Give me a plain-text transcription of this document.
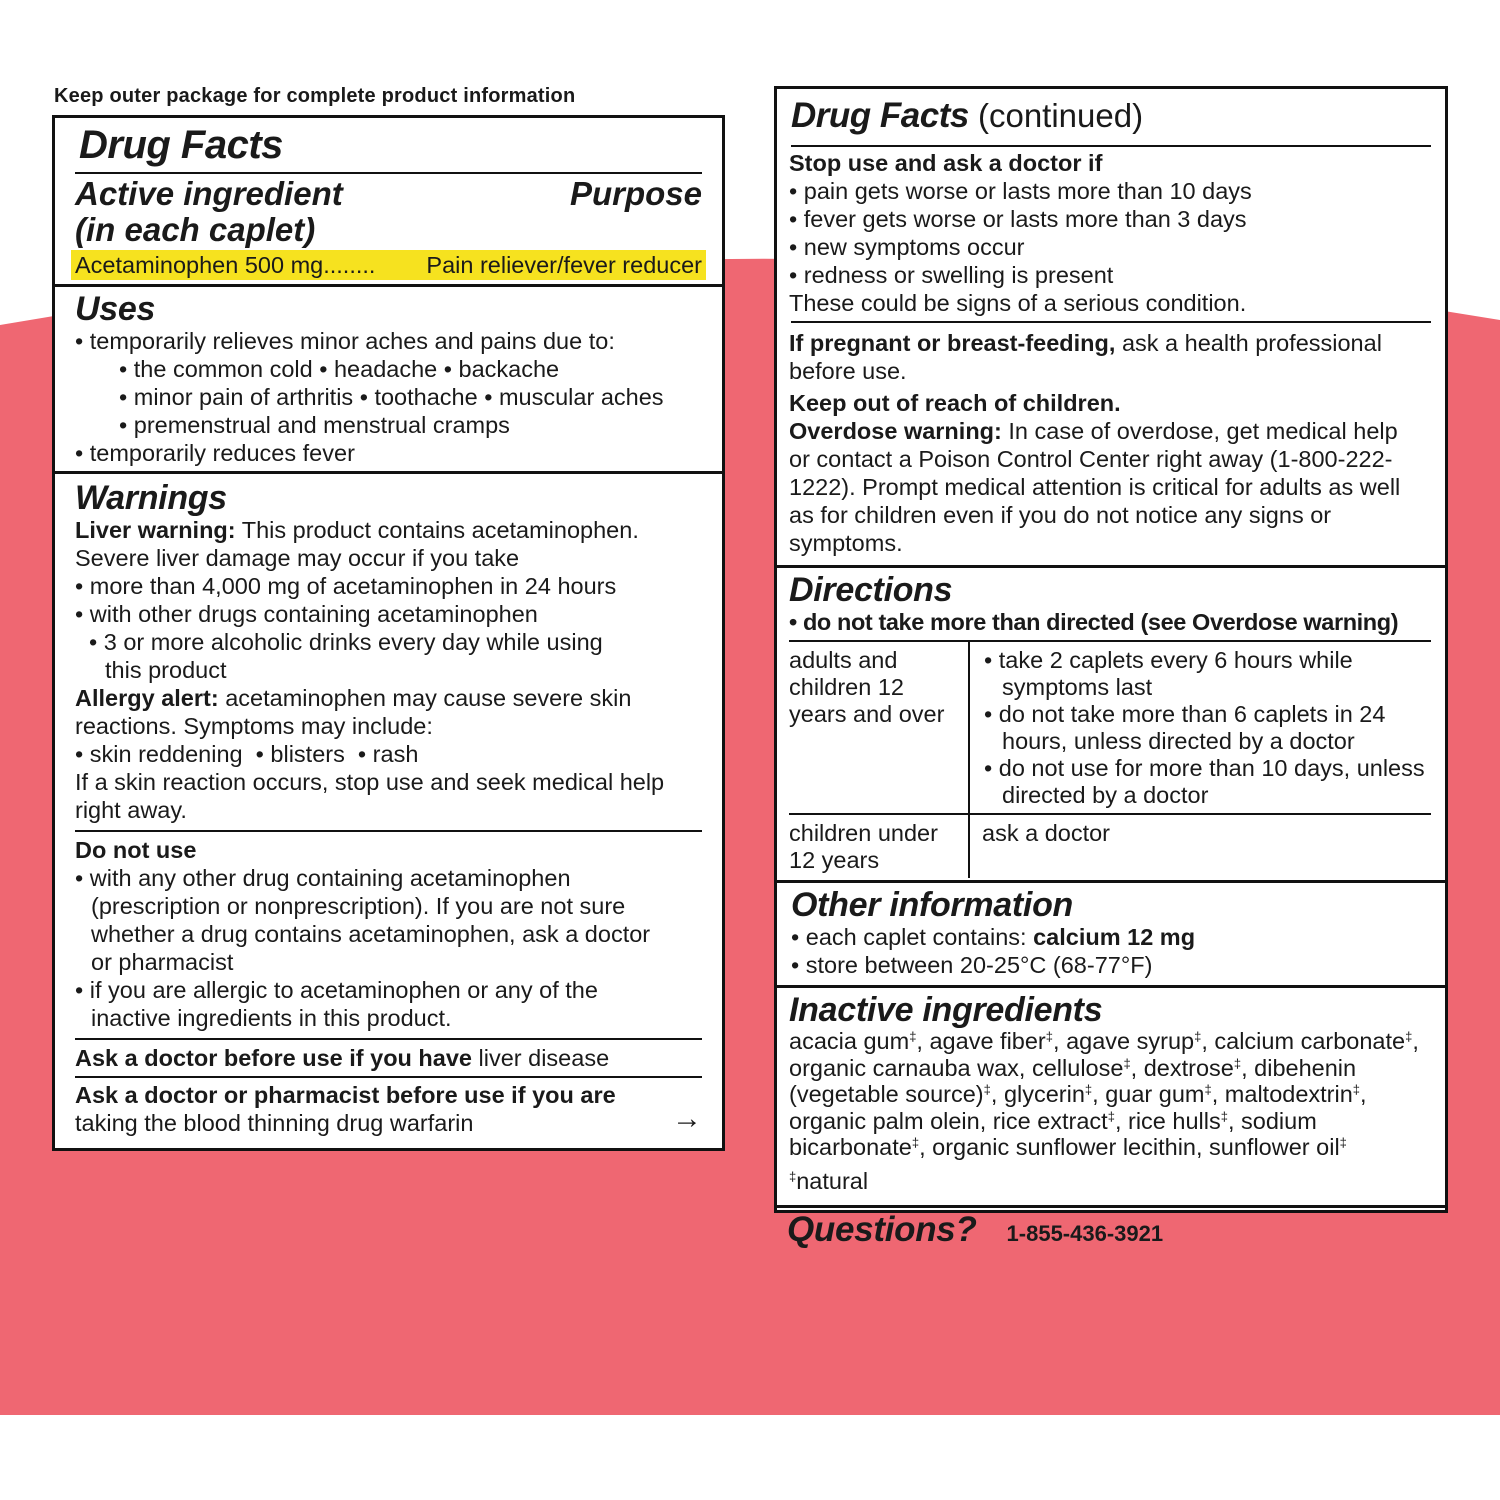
Keep outer package for complete product information
Drug Facts
Active ingredient
(in each caplet)
Purpose
Acetaminophen 500 mg........ Pain reliever/fever reducer
Uses
• temporarily relieves minor aches and pains due to:
• the common cold • headache • backache
• minor pain of arthritis • toothache • muscular aches
• premenstrual and menstrual cramps
• temporarily reduces fever
Warnings
Liver warning: This product contains acetaminophen. Severe liver damage may occur if you take
• more than 4,000 mg of acetaminophen in 24 hours
• with other drugs containing acetaminophen
• 3 or more alcoholic drinks every day while using this product
Allergy alert: acetaminophen may cause severe skin reactions. Symptoms may include:
• skin reddening  • blisters  • rash
If a skin reaction occurs, stop use and seek medical help right away.
Do not use
• with any other drug containing acetaminophen (prescription or nonprescription). If you are not sure whether a drug contains acetaminophen, ask a doctor or pharmacist
• if you are allergic to acetaminophen or any of the inactive ingredients in this product.
Ask a doctor before use if you have liver disease
Ask a doctor or pharmacist before use if you are
taking the blood thinning drug warfarin	→
Drug Facts (continued)
Stop use and ask a doctor if
• pain gets worse or lasts more than 10 days
• fever gets worse or lasts more than 3 days
• new symptoms occur
• redness or swelling is present
These could be signs of a serious condition.
If pregnant or breast-feeding, ask a health professional before use.
Keep out of reach of children.
Overdose warning: In case of overdose, get medical help or contact a Poison Control Center right away (1-800-222-1222). Prompt medical attention is critical for adults as well as for children even if you do not notice any signs or symptoms.
Directions
• do not take more than directed (see Overdose warning)
adults and children 12 years and over	• take 2 caplets every 6 hours while symptoms last
• do not take more than 6 caplets in 24 hours, unless directed by a doctor
• do not use for more than 10 days, unless directed by a doctor

children under 12 years	ask a doctor
Other information
• each caplet contains: calcium 12 mg
• store between 20-25°C (68-77°F)
Inactive ingredients
acacia gum‡, agave fiber‡, agave syrup‡, calcium carbonate‡, organic carnauba wax, cellulose‡, dextrose‡, dibehenin (vegetable source)‡, glycerin‡, guar gum‡, maltodextrin‡, organic palm olein, rice extract‡, rice hulls‡, sodium bicarbonate‡, organic sunflower lecithin, sunflower oil‡
‡natural
Questions? 1-855-436-3921
